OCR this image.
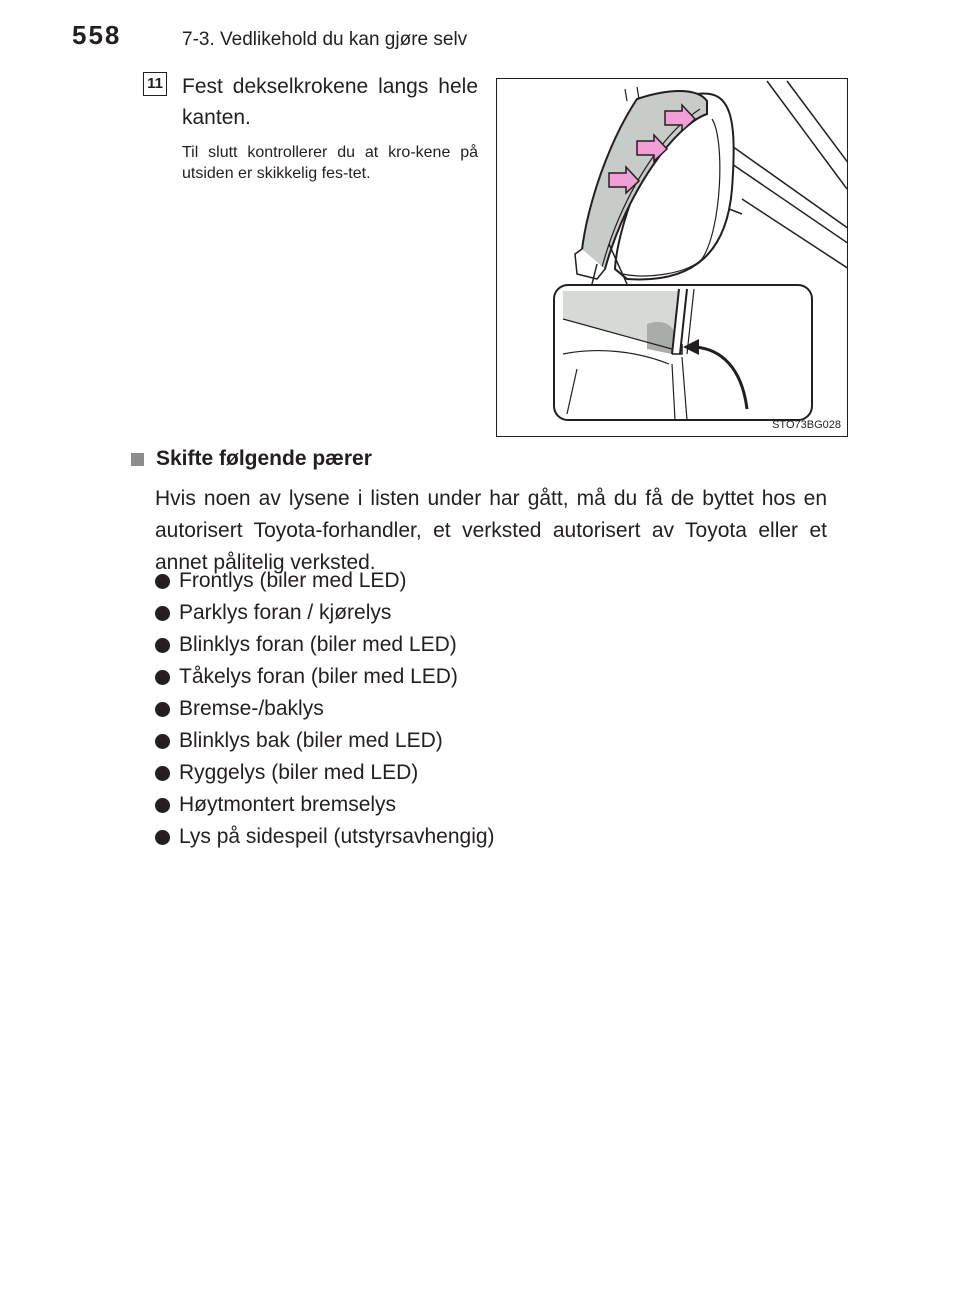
558	7-3. Vedlikehold du kan gjøre selv
11 Fest dekselkrokene langs hele kanten.
Til slutt kontrollerer du at kro-kene på utsiden er skikkelig fes-tet.
STO73BG028
Skifte følgende pærer
Hvis noen av lysene i listen under har gått, må du få de byttet hos en autorisert Toyota-forhandler, et verksted autorisert av Toyota eller et annet pålitelig verksted.
Frontlys (biler med LED)
Parklys foran / kjørelys
Blinklys foran (biler med LED)
Tåkelys foran (biler med LED)
Bremse-/baklys
Blinklys bak (biler med LED)
Ryggelys (biler med LED)
Høytmontert bremselys
Lys på sidespeil (utstyrsavhengig)
